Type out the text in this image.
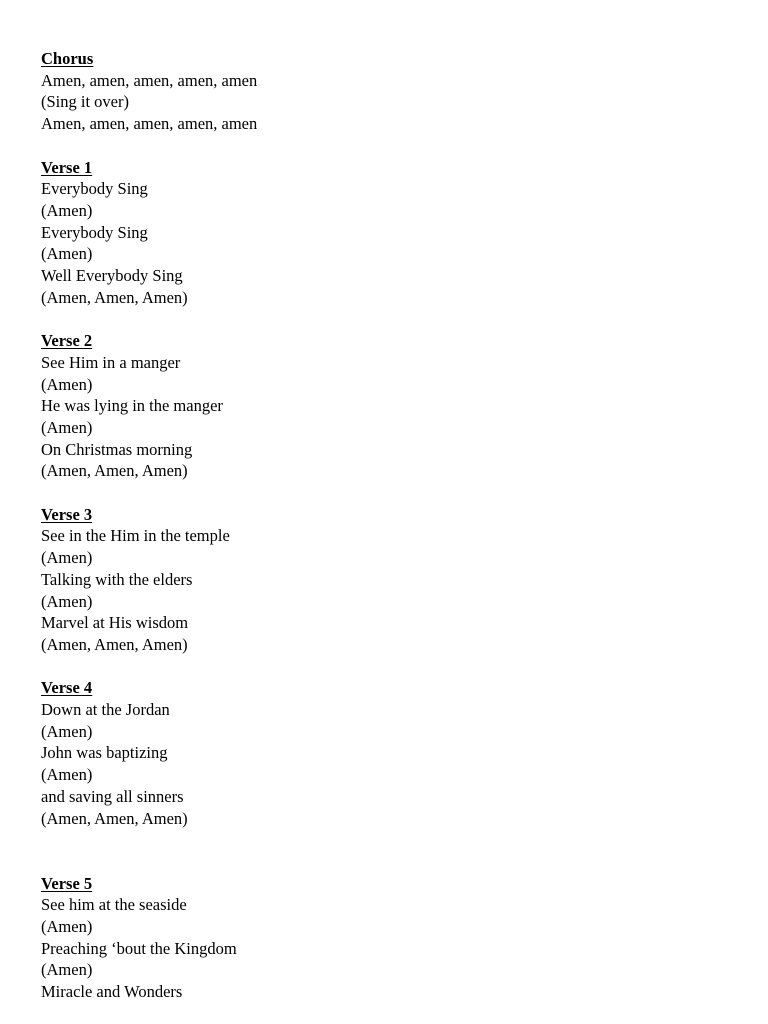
Chorus
Amen, amen, amen, amen, amen
(Sing it over)
Amen, amen, amen, amen, amen
Verse 1
Everybody Sing
(Amen)
Everybody Sing
(Amen)
Well Everybody Sing
(Amen, Amen, Amen)
Verse 2
See Him in a manger
(Amen)
He was lying in the manger
(Amen)
On Christmas morning
(Amen, Amen, Amen)
Verse 3
See in the Him in the temple
(Amen)
Talking with the elders
(Amen)
Marvel at His wisdom
(Amen, Amen, Amen)
Verse 4
Down at the Jordan
(Amen)
John was baptizing
(Amen)
and saving all sinners
(Amen, Amen, Amen)
Verse 5
See him at the seaside
(Amen)
Preaching ‘bout the Kingdom
(Amen)
Miracle and Wonders
